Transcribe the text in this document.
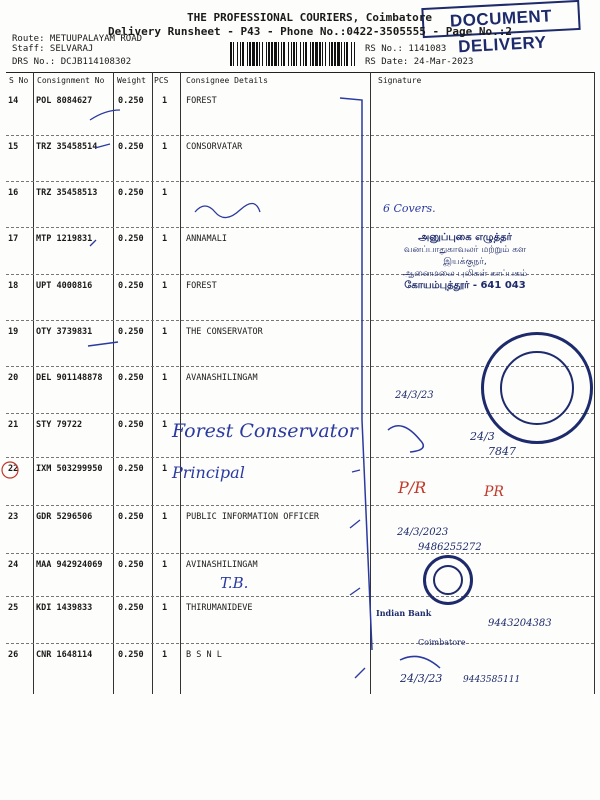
DOCUMENT DELIVERY
THE PROFESSIONAL COURIERS, Coimbatore
Delivery Runsheet - P43 - Phone No.:0422-3505555 - Page No.:2
Route: METUUPALAYAM ROAD
Staff: SELVARAJ
DRS No.: DCJB114108302
RS No.: 1141083
RS Date: 24-Mar-2023
S No Consignment No Weight PCS Consignee Details	Signature
14 POL 8084627	0.250 1 FOREST
15 TRZ 35458514 0.250 1 CONSORVATAR
16 TRZ 35458513 0.250 1
17 MTP 1219831	0.250 1 ANNAMALI
18 UPT 4000816	0.250 1 FOREST
19 OTY 3739831	0.250 1 THE CONSERVATOR
20 DEL 901148878 0.250 1 AVANASHILINGAM
21 STY 79722	0.250 1
22 IXM 503299950 0.250 1
23 GDR 5296506	0.250 1 PUBLIC INFORMATION OFFICER
24 MAA 942924069 0.250 1 AVINASHILINGAM
25 KDI 1439833	0.250 1 THIRUMANIDEVE
26 CNR 1648114	0.250 1 B S N L
6 Covers.
அனுப்புகை எழுத்தர்
வனப்பாதுகாவலர் மற்றும் கள இயக்குநர்,
ஆனைமலை புலிகள் காப்பகம்
கோயம்புத்தூர் - 641 043
24/3/23
Forest Conservator	24/3
7847
Principal
P/R	PR
24/3/2023
9486255272
T.B.
9443204383
24/3/23 9443585111
Indian Bank
Coimbatore
